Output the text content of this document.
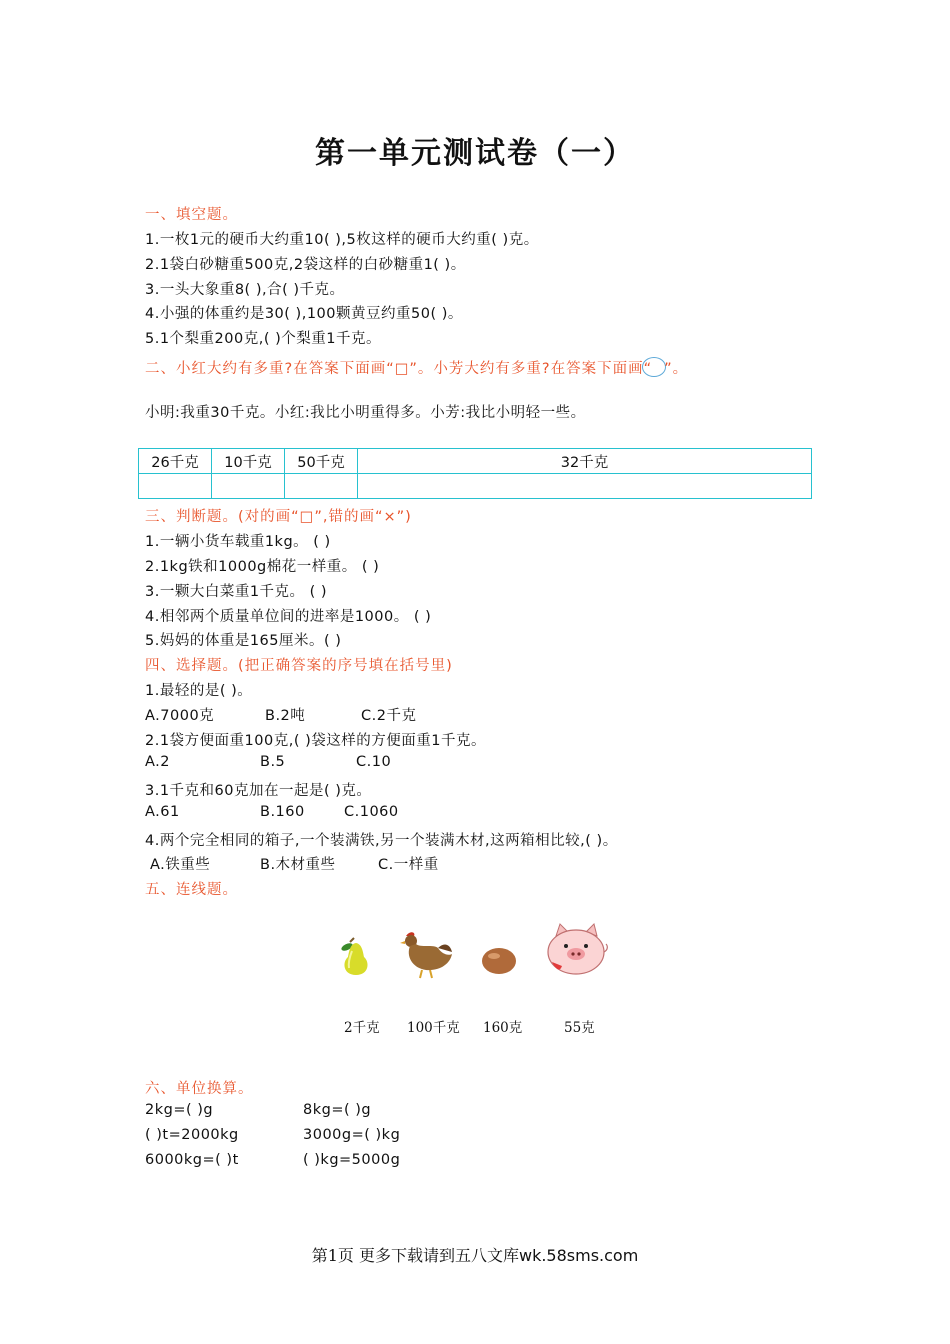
第一单元测试卷（一）
一、填空题。
1.一枚1元的硬币大约重10( ),5枚这样的硬币大约重( )克。
2.1袋白砂糖重500克,2袋这样的白砂糖重1( )。
3.一头大象重8( ),合( )千克。
4.小强的体重约是30( ),100颗黄豆约重50( )。
5.1个梨重200克,( )个梨重1千克。
二、小红大约有多重?在答案下面画“□”。小芳大约有多重?在答案下面画“ ”。
小明:我重30千克。小红:我比小明重得多。小芳:我比小明轻一些。
26千克	10千克	50千克	32千克

三、判断题。(对的画“□”,错的画“×”)
1.一辆小货车载重1kg。 ( )
2.1kg铁和1000g棉花一样重。 ( )
3.一颗大白菜重1千克。 ( )
4.相邻两个质量单位间的进率是1000。 ( )
5.妈妈的体重是165厘米。( )
四、选择题。(把正确答案的序号填在括号里)
1.最轻的是( )。
A.7000克	B.2吨	C.2千克
2.1袋方便面重100克,( )袋这样的方便面重1千克。
A.2	B.5	C.10
3.1千克和60克加在一起是( )克。
A.61	B.160	C.1060
4.两个完全相同的箱子,一个装满铁,另一个装满木材,这两箱相比较,( )。
A.铁重些	B.木材重些	C.一样重
五、连线题。
2千克 100千克 160克	55克
六、单位换算。
2kg=( )g	8kg=( )g
( )t=2000kg	3000g=( )kg
6000kg=( )t	( )kg=5000g
第1页 更多下载请到五八文库wk.58sms.com
